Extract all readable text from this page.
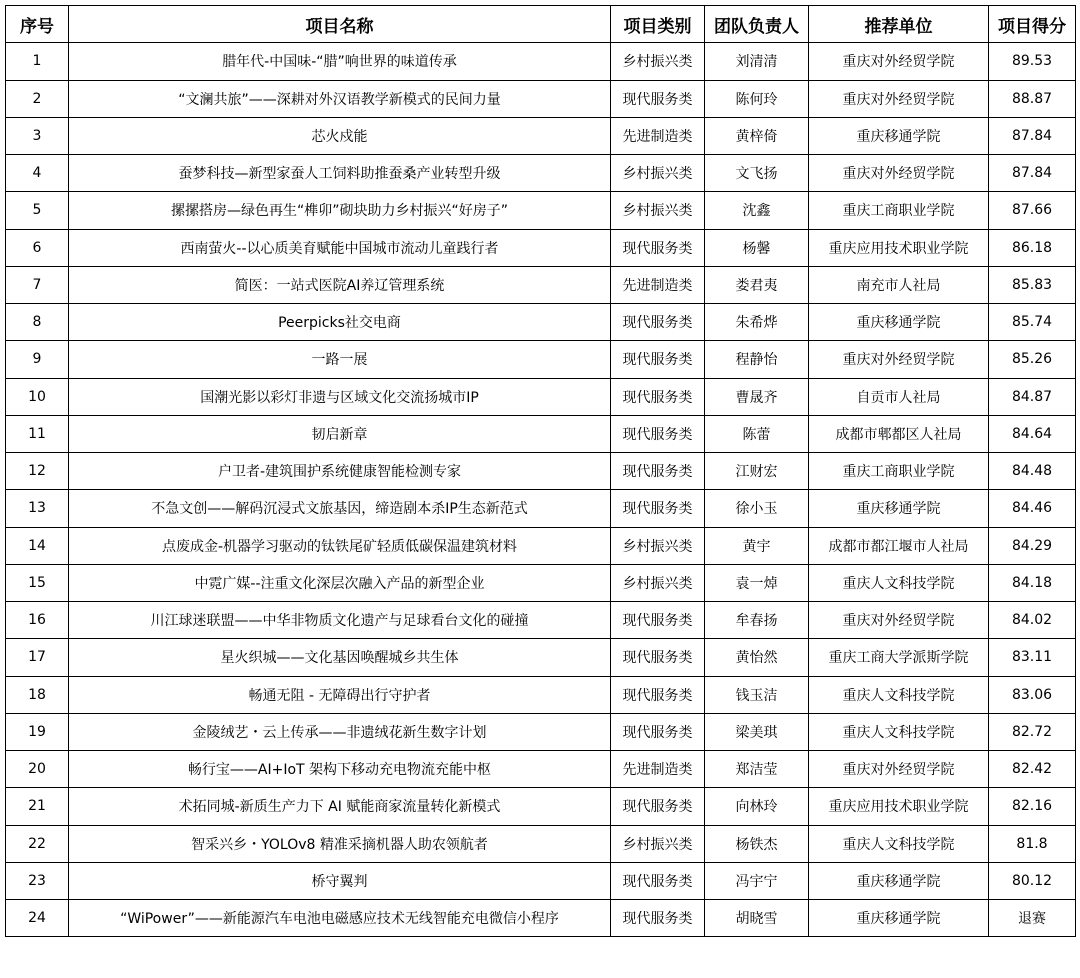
序号	项目名称	项目类别	团队负责人	推荐单位	项目得分
1	腊年代-中国味-“腊”响世界的味道传承	乡村振兴类	刘清清	重庆对外经贸学院	89.53
2	“文澜共旅”——深耕对外汉语教学新模式的民间力量	现代服务类	陈何玲	重庆对外经贸学院	88.87
3	芯火戍能	先进制造类	黄梓倚	重庆移通学院	87.84
4	蚕梦科技—新型家蚕人工饲料助推蚕桑产业转型升级	乡村振兴类	文飞扬	重庆对外经贸学院	87.84
5	摞摞搭房—绿色再生“榫卯”砌块助力乡村振兴“好房子”	乡村振兴类	沈鑫	重庆工商职业学院	87.66
6	西南萤火--以心质美育赋能中国城市流动儿童践行者	现代服务类	杨馨	重庆应用技术职业学院	86.18
7	简医：一站式医院AI养辽管理系统	先进制造类	娄君夷	南充市人社局	85.83
8	Peerpicks社交电商	现代服务类	朱希烨	重庆移通学院	85.74
9	一路一展	现代服务类	程静怡	重庆对外经贸学院	85.26
10	国潮光影以彩灯非遗与区域文化交流扬城市IP	现代服务类	曹晟齐	自贡市人社局	84.87
11	韧启新章	现代服务类	陈蕾	成都市郫都区人社局	84.64
12	户卫者-建筑围护系统健康智能检测专家	现代服务类	江财宏	重庆工商职业学院	84.48
13	不急文创——解码沉浸式文旅基因，缔造剧本杀IP生态新范式	现代服务类	徐小玉	重庆移通学院	84.46
14	点废成金-机器学习驱动的钛铁尾矿轻质低碳保温建筑材料	乡村振兴类	黄宇	成都市都江堰市人社局	84.29
15	中霓广媒--注重文化深层次融入产品的新型企业	乡村振兴类	袁一焯	重庆人文科技学院	84.18
16	川江球迷联盟——中华非物质文化遗产与足球看台文化的碰撞	现代服务类	牟春扬	重庆对外经贸学院	84.02
17	星火织城——文化基因唤醒城乡共生体	现代服务类	黄怡然	重庆工商大学派斯学院	83.11
18	畅通无阻 - 无障碍出行守护者	现代服务类	钱玉洁	重庆人文科技学院	83.06
19	金陵绒艺・云上传承——非遗绒花新生数字计划	现代服务类	梁美琪	重庆人文科技学院	82.72
20	畅行宝——AI+IoT 架构下移动充电物流充能中枢	先进制造类	郑洁莹	重庆对外经贸学院	82.42
21	术拓同城-新质生产力下 AI 赋能商家流量转化新模式	现代服务类	向林玲	重庆应用技术职业学院	82.16
22	智采兴乡・YOLOv8 精准采摘机器人助农领航者	乡村振兴类	杨铁杰	重庆人文科技学院	81.8
23	桥守翼判	现代服务类	冯宇宁	重庆移通学院	80.12
24	“WiPower”——新能源汽车电池电磁感应技术无线智能充电微信小程序	现代服务类	胡晓雪	重庆移通学院	退赛
